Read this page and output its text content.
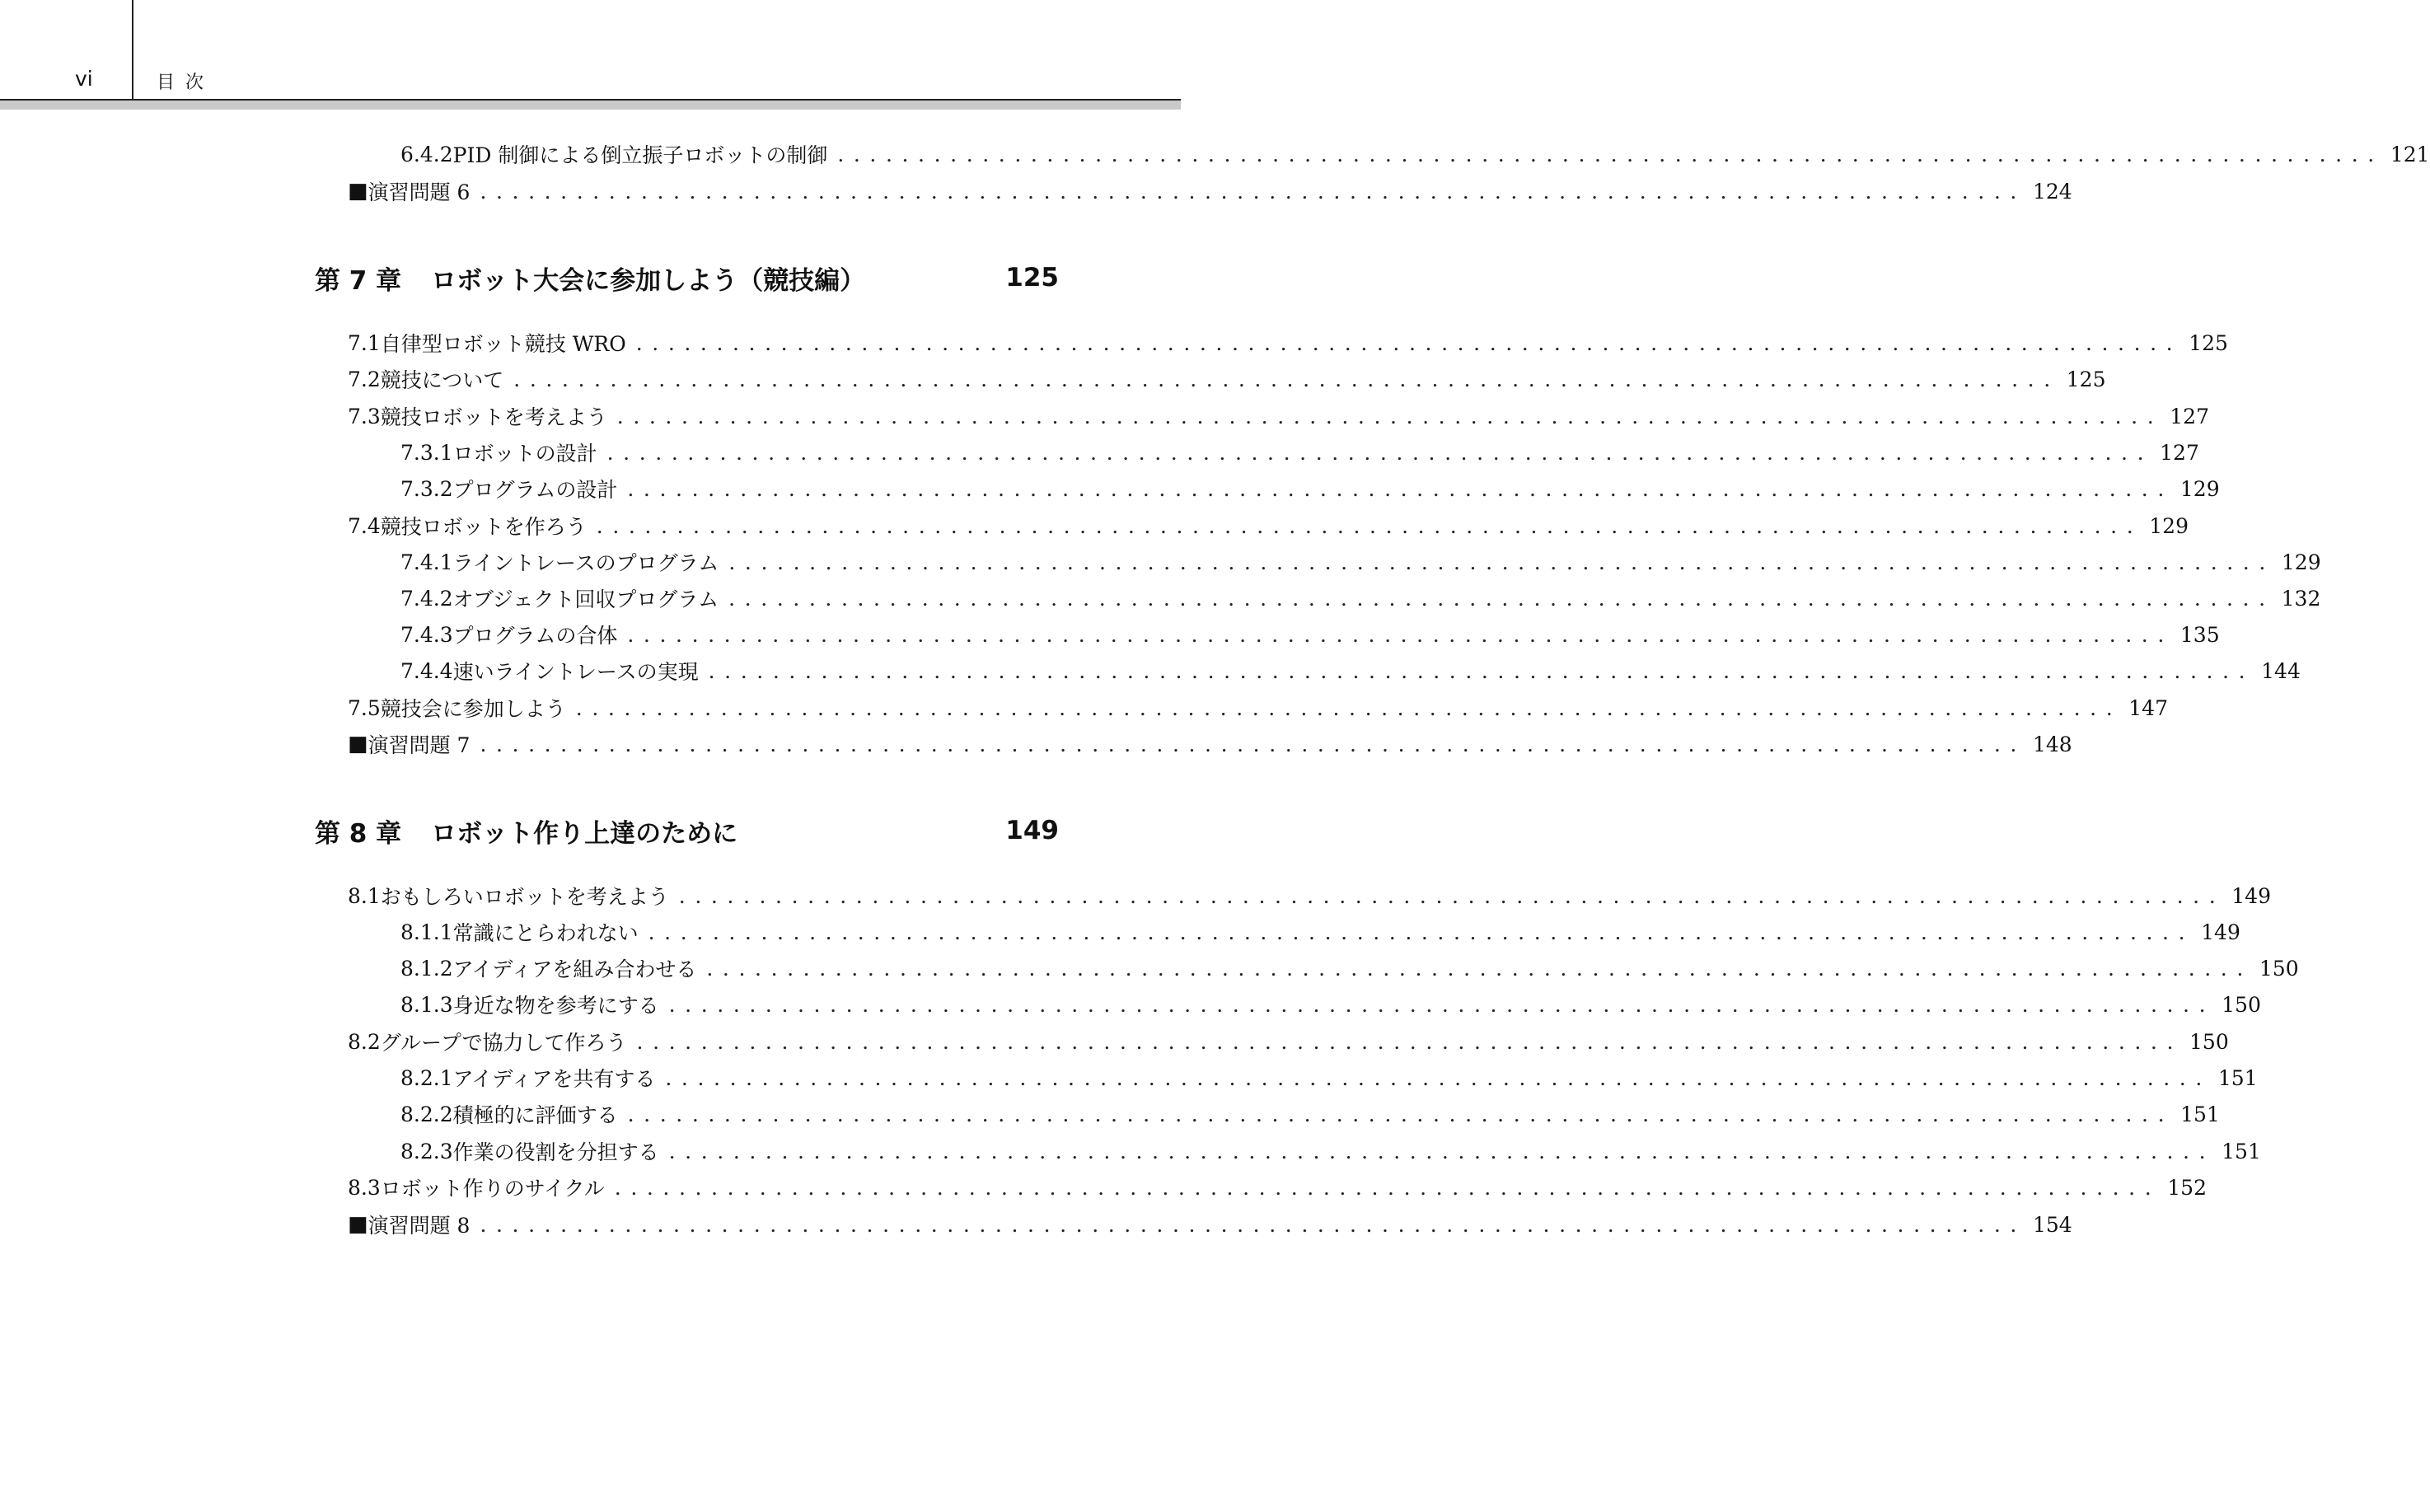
vi	目次
6.4.2 PID 制御による倒立振子ロボットの制御 ................................................................................................ 121
■ 演習問題 6 ................................................................................................ 124
第 7 章 ロボット大会に参加しよう（競技編）	125
7.1 自律型ロボット競技 WRO ................................................................................................ 125
7.2 競技について ................................................................................................ 125
7.3 競技ロボットを考えよう ................................................................................................ 127
7.3.1 ロボットの設計 ................................................................................................ 127
7.3.2 プログラムの設計 ................................................................................................ 129
7.4 競技ロボットを作ろう ................................................................................................ 129
7.4.1 ライントレースのプログラム ................................................................................................ 129
7.4.2 オブジェクト回収プログラム ................................................................................................ 132
7.4.3 プログラムの合体 ................................................................................................ 135
7.4.4 速いライントレースの実現 ................................................................................................ 144
7.5 競技会に参加しよう ................................................................................................ 147
■ 演習問題 7 ................................................................................................ 148
第 8 章 ロボット作り上達のために	149
8.1 おもしろいロボットを考えよう ................................................................................................ 149
8.1.1 常識にとらわれない ................................................................................................ 149
8.1.2 アイディアを組み合わせる ................................................................................................ 150
8.1.3 身近な物を参考にする ................................................................................................ 150
8.2 グループで協力して作ろう ................................................................................................ 150
8.2.1 アイディアを共有する ................................................................................................ 151
8.2.2 積極的に評価する ................................................................................................ 151
8.2.3 作業の役割を分担する ................................................................................................ 151
8.3 ロボット作りのサイクル ................................................................................................ 152
■ 演習問題 8 ................................................................................................ 154
